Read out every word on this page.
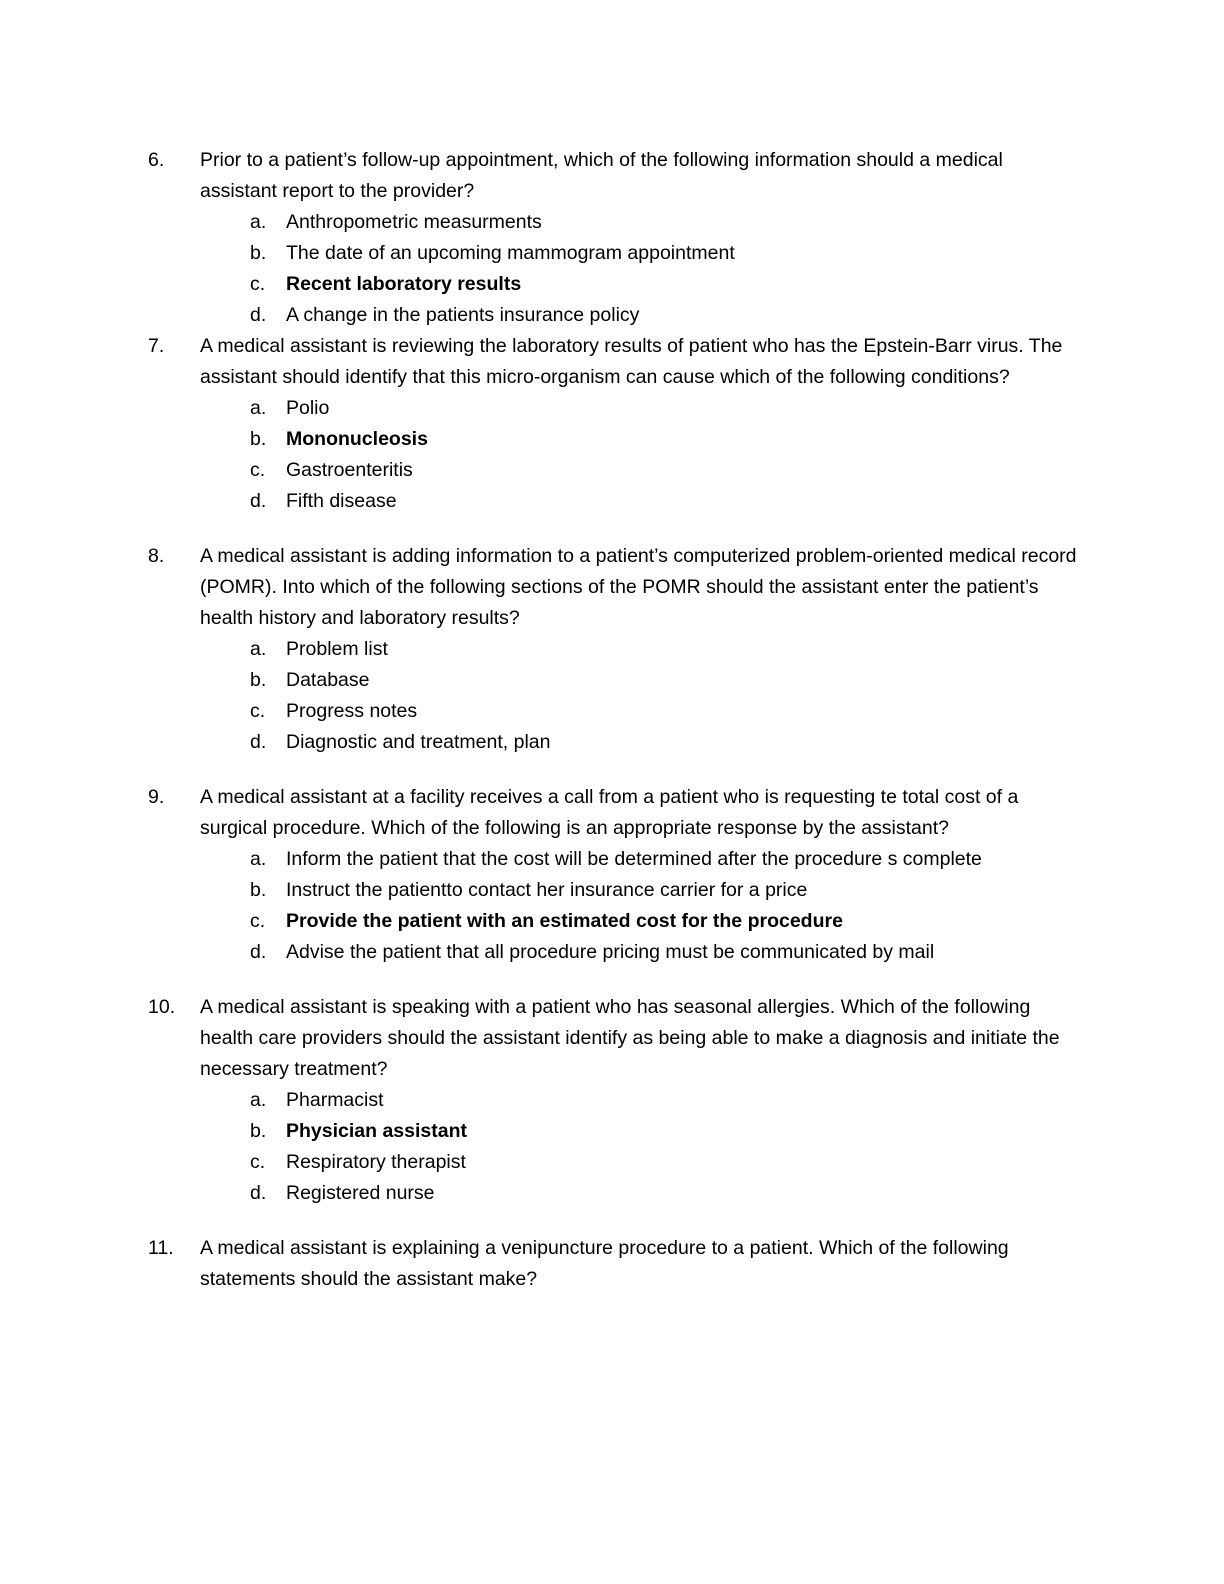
6.	Prior to a patient’s follow-up appointment, which of the following information should a medical assistant report to the provider?
a.	Anthropometric measurments
b.	The date of an upcoming mammogram appointment
c.	Recent laboratory results
d.	A change in the patients insurance policy
7.	A medical assistant is reviewing the laboratory results of patient who has the Epstein-Barr virus. The assistant should identify that this micro-organism can cause which of the following conditions?
a.	Polio
b.	Mononucleosis
c.	Gastroenteritis
d.	Fifth disease
8.	A medical assistant is adding information to a patient’s computerized problem-oriented medical record (POMR). Into which of the following sections of the POMR should the assistant enter the patient’s health history and laboratory results?
a.	Problem list
b.	Database
c.	Progress notes
d.	Diagnostic and treatment, plan
9.	A medical assistant at a facility receives a call from a patient who is requesting te total cost of a surgical procedure. Which of the following is an appropriate response by the assistant?
a.	Inform the patient that the cost will be determined after the procedure s complete
b.	Instruct the patientto contact her insurance carrier for a price
c.	Provide the patient with an estimated cost for the procedure
d.	Advise the patient that all procedure pricing must be communicated by mail
10.	A medical assistant is speaking with a patient who has seasonal allergies. Which of the following health care providers should the assistant identify as being able to make a diagnosis and initiate the necessary treatment?
a.	Pharmacist
b.	Physician assistant
c.	Respiratory therapist
d.	Registered nurse
11.	A medical assistant is explaining a venipuncture procedure to a patient. Which of the following statements should the assistant make?
